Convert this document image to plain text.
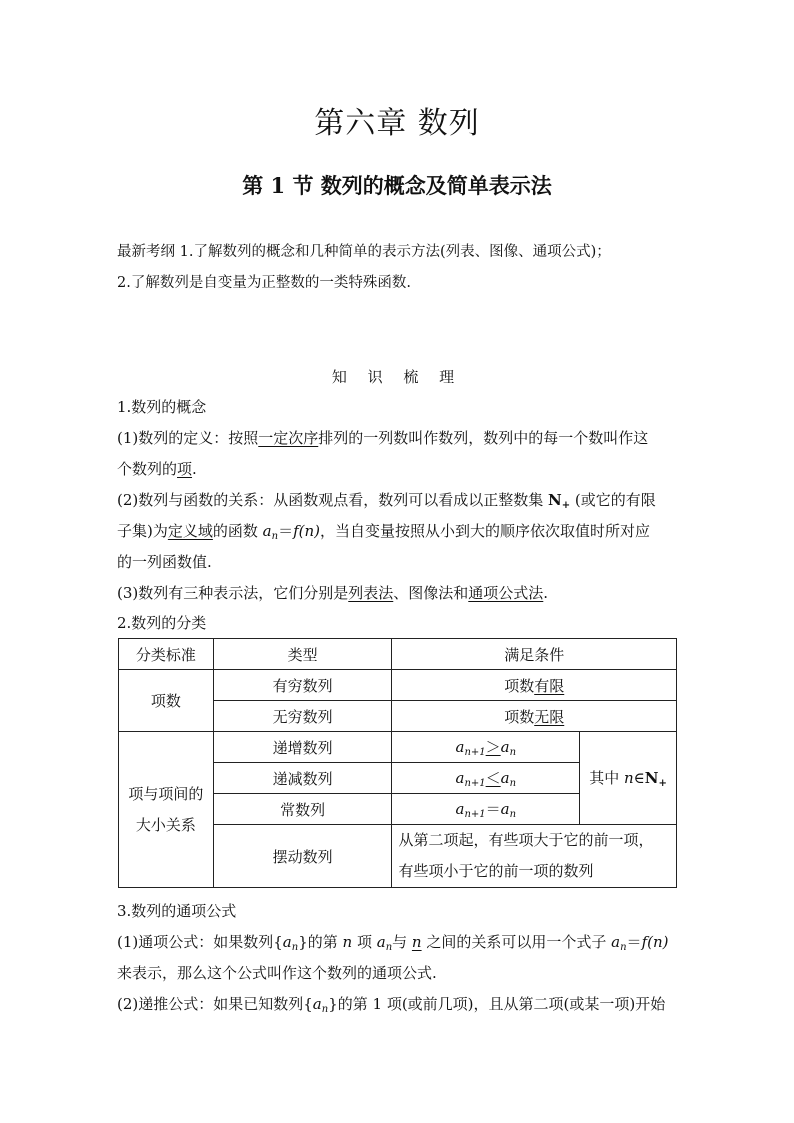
第六章 数列
第 1 节 数列的概念及简单表示法
最新考纲 1.了解数列的概念和几种简单的表示方法(列表、图像、通项公式)；
2.了解数列是自变量为正整数的一类特殊函数.
知 识 梳 理
1.数列的概念
(1)数列的定义：按照一定次序排列的一列数叫作数列，数列中的每一个数叫作这
个数列的项.
(2)数列与函数的关系：从函数观点看，数列可以看成以正整数集 $N_+$ (或它的有限
子集)为定义域的函数 $a_n=f(n)$，当自变量按照从小到大的顺序依次取值时所对应
的一列函数值.
(3)数列有三种表示法，它们分别是列表法、图像法和通项公式法.
2.数列的分类
分类标准	类型	满足条件	
项数	有穷数列	项数有限	
	无穷数列	项数无限	
项与项间的
大小关系	递增数列	$a_{n+1}>a_n$	其中 $n\in N_+$
	递减数列	$a_{n+1}<a_n$
	常数列	$a_{n+1}=a_n$
	摆动数列	从第二项起，有些项大于它的前一项，
有些项小于它的前一项的数列	
3.数列的通项公式
(1)通项公式：如果数列$\{a_n\}$的第 n 项 $a_n$与 n 之间的关系可以用一个式子 $a_n=f(n)$
来表示，那么这个公式叫作这个数列的通项公式.
(2)递推公式：如果已知数列$\{a_n\}$的第 1 项(或前几项)，且从第二项(或某一项)开始
